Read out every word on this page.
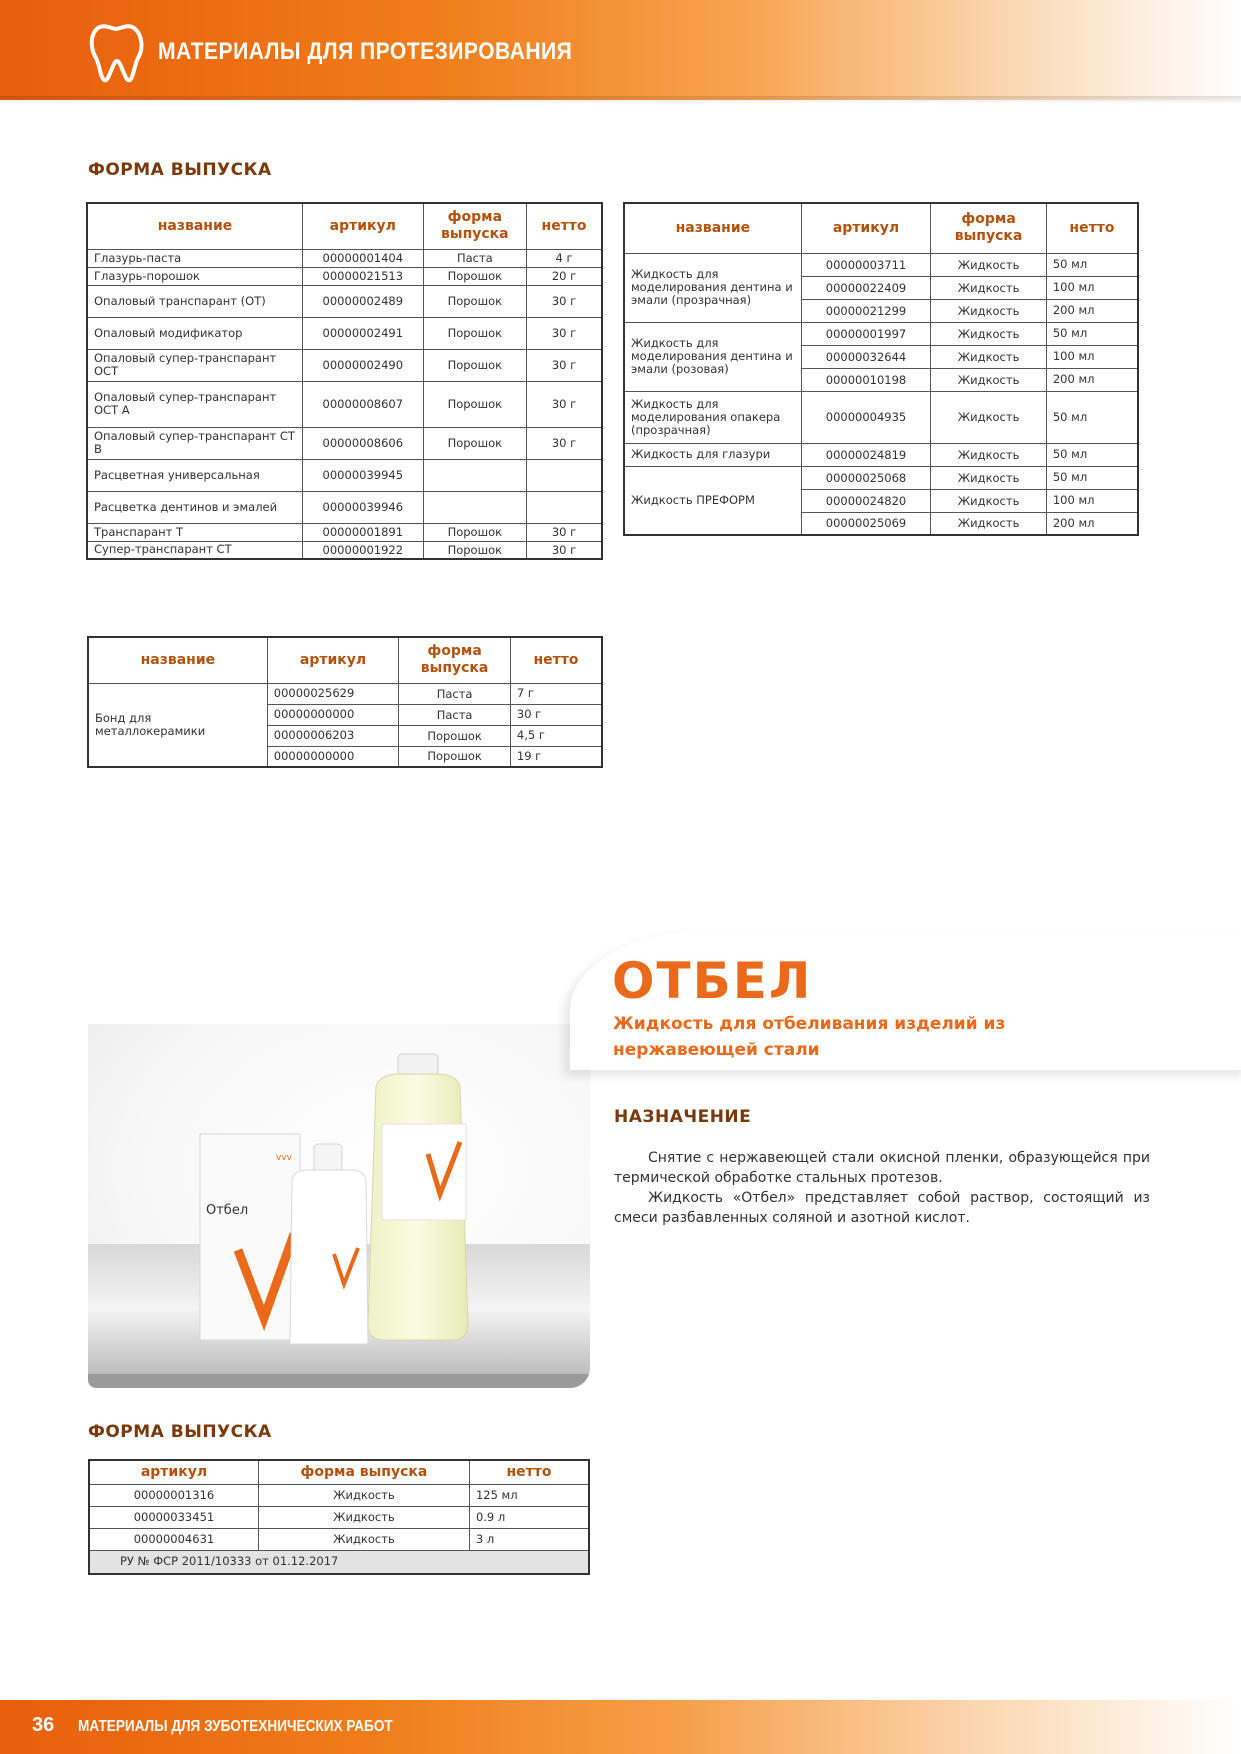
МАТЕРИАЛЫ ДЛЯ ПРОТЕЗИРОВАНИЯ
ФОРМА ВЫПУСКА
название	артикул	форма выпуска	нетто
Глазурь-паста	00000001404	Паста	4 г
Глазурь-порошок	00000021513	Порошок	20 г
Опаловый транспарант (ОТ)	00000002489	Порошок	30 г
Опаловый модификатор	00000002491	Порошок	30 г
Опаловый супер-транспарант ОСТ	00000002490	Порошок	30 г
Опаловый супер-транспарант ОСТ А	00000008607	Порошок	30 г
Опаловый супер-транспарант СТ В	00000008606	Порошок	30 г
Расцветная универсальная	00000039945		
Расцветка дентинов и эмалей	00000039946		
Транспарант Т	00000001891	Порошок	30 г
Супер-транспарант СТ	00000001922	Порошок	30 г
название	артикул	форма выпуска	нетто
Бонд для металлокерамики	00000025629	Паста	7 г
	00000000000	Паста	30 г
	00000006203	Порошок	4,5 г
	00000000000	Порошок	19 г
название	артикул	форма выпуска	нетто
Жидкость для моделирования дентина и эмали (прозрачная)	00000003711	Жидкость	50 мл
	00000022409	Жидкость	100 мл
	00000021299	Жидкость	200 мл
Жидкость для моделирования дентина и эмали (розовая)	00000001997	Жидкость	50 мл
	00000032644	Жидкость	100 мл
	00000010198	Жидкость	200 мл
Жидкость для моделирования опакера (прозрачная)	00000004935	Жидкость	50 мл
Жидкость для глазури	00000024819	Жидкость	50 мл
Жидкость ПРЕФОРМ	00000025068	Жидкость	50 мл
	00000024820	Жидкость	100 мл
	00000025069	Жидкость	200 мл
Отбел
vvv
ОТБЕЛ
Жидкость для отбеливания изделий из нержавеющей стали
НАЗНАЧЕНИЕ

Снятие с нержавеющей стали окисной пленки, образующейся при термической обработке стальных протезов.

Жидкость «Отбел» представляет собой раствор, состоящий из смеси разбавленных соляной и азотной кислот.

ФОРМА ВЫПУСКА
артикул	форма выпуска	нетто
00000001316	Жидкость	125 мл
00000033451	Жидкость	0.9 л
00000004631	Жидкость	3 л
РУ № ФСР 2011/10333 от 01.12.2017		
36 МАТЕРИАЛЫ ДЛЯ ЗУБОТЕХНИЧЕСКИХ РАБОТ
